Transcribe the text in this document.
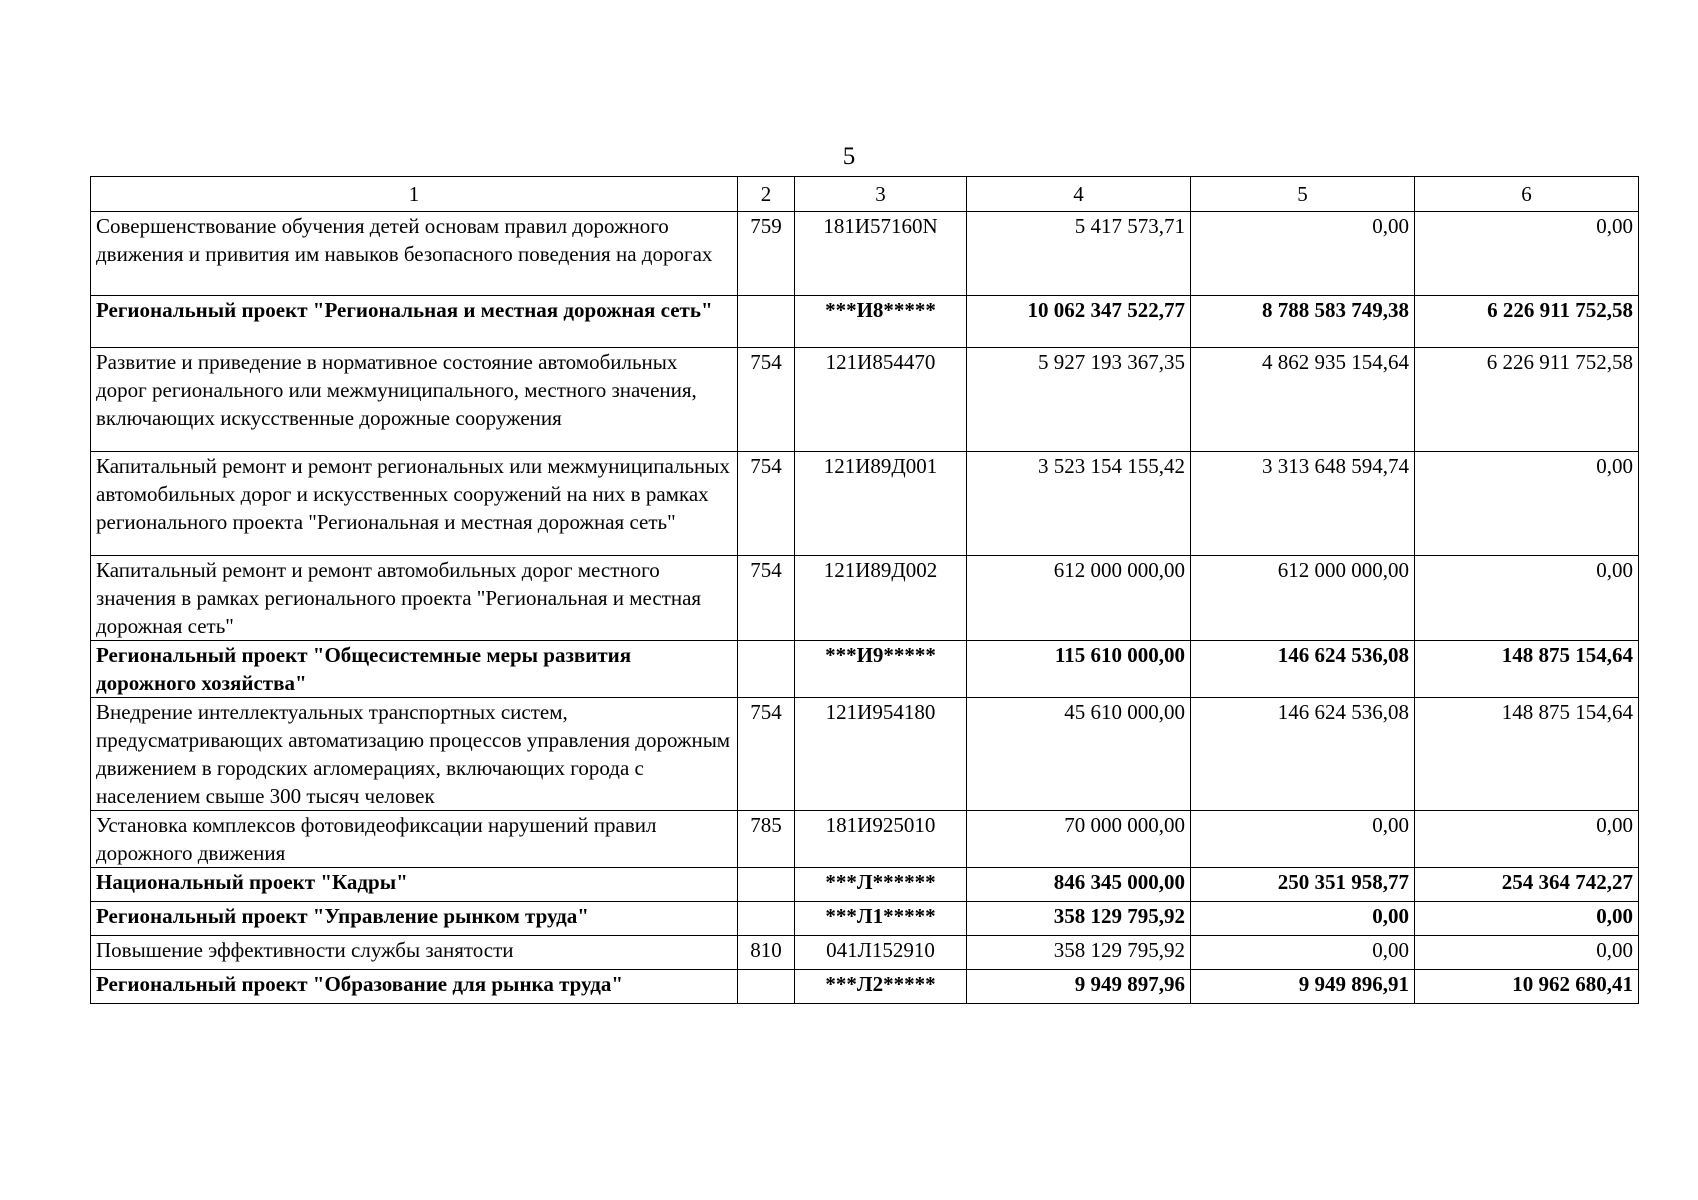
5
1	2	3	4	5	6
Совершенствование обучения детей основам правил дорожного движения и привития им навыков безопасного поведения на дорогах	759	181И57160N	5 417 573,71	0,00	0,00
Региональный проект "Региональная и местная дорожная сеть"		***И8*****	10 062 347 522,77	8 788 583 749,38	6 226 911 752,58
Развитие и приведение в нормативное состояние автомобильных дорог регионального или межмуниципального, местного значения, включающих искусственные дорожные сооружения	754	121И854470	5 927 193 367,35	4 862 935 154,64	6 226 911 752,58
Капитальный ремонт и ремонт региональных или межмуниципальных автомобильных дорог и искусственных сооружений на них в рамках регионального проекта "Региональная и местная дорожная сеть"	754	121И89Д001	3 523 154 155,42	3 313 648 594,74	0,00
Капитальный ремонт и ремонт автомобильных дорог местного значения в рамках регионального проекта "Региональная и местная дорожная сеть"	754	121И89Д002	612 000 000,00	612 000 000,00	0,00
Региональный проект "Общесистемные меры развития дорожного хозяйства"		***И9*****	115 610 000,00	146 624 536,08	148 875 154,64
Внедрение интеллектуальных транспортных систем, предусматривающих автоматизацию процессов управления дорожным движением в городских агломерациях, включающих города с населением свыше 300 тысяч человек	754	121И954180	45 610 000,00	146 624 536,08	148 875 154,64
Установка комплексов фотовидеофиксации нарушений правил дорожного движения	785	181И925010	70 000 000,00	0,00	0,00
Национальный проект "Кадры"		***Л******	846 345 000,00	250 351 958,77	254 364 742,27
Региональный проект "Управление рынком труда"		***Л1*****	358 129 795,92	0,00	0,00
Повышение эффективности службы занятости	810	041Л152910	358 129 795,92	0,00	0,00
Региональный проект "Образование для рынка труда"		***Л2*****	9 949 897,96	9 949 896,91	10 962 680,41
